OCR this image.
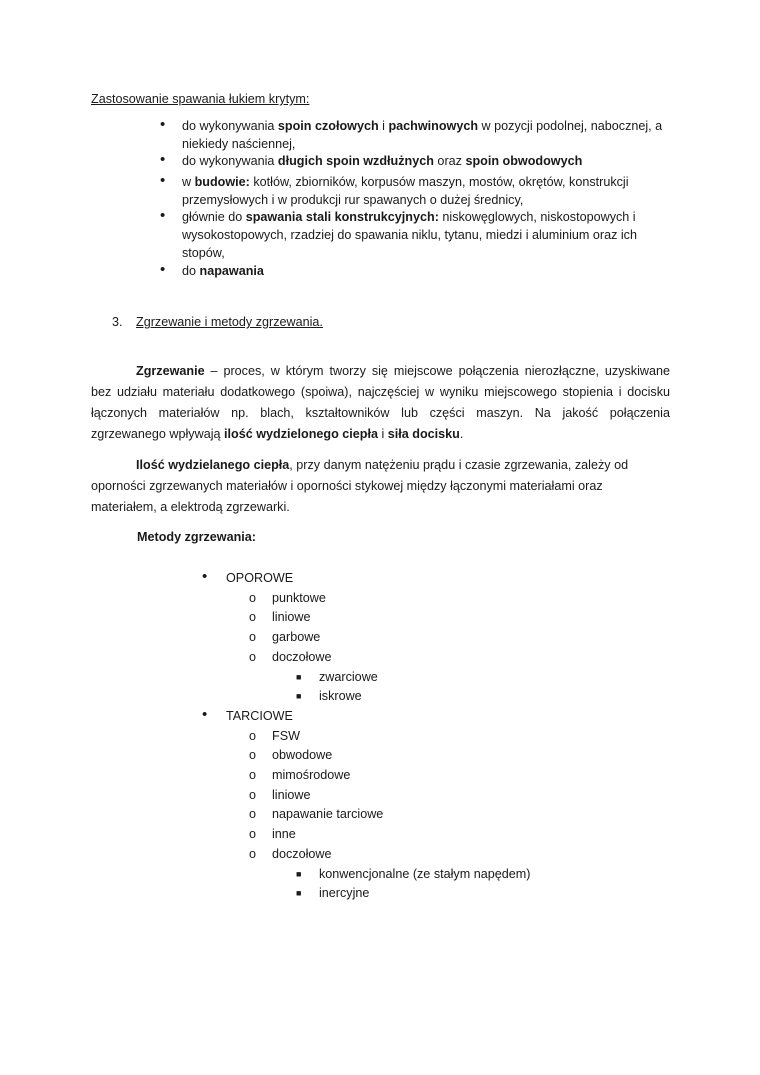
Zastosowanie spawania łukiem krytym:
• do wykonywania spoin czołowych i pachwinowych w pozycji podolnej, nabocznej, a
niekiedy naściennej,
• do wykonywania długich spoin wzdłużnych oraz spoin obwodowych
• w budowie: kotłów, zbiorników, korpusów maszyn, mostów, okrętów, konstrukcji
przemysłowych i w produkcji rur spawanych o dużej średnicy,
• głównie do spawania stali konstrukcyjnych: niskowęglowych, niskostopowych i
wysokostopowych, rzadziej do spawania niklu, tytanu, miedzi i aluminium oraz ich
stopów,
• do napawania
3. Zgrzewanie i metody zgrzewania.
Zgrzewanie – proces, w którym tworzy się miejscowe połączenia nierozłączne, uzyskiwane
bez udziału materiału dodatkowego (spoiwa), najczęściej w wyniku miejscowego stopienia i docisku
łączonych materiałów np. blach, kształtowników lub części maszyn. Na jakość połączenia
zgrzewanego wpływają ilość wydzielonego ciepła i siła docisku.
Ilość wydzielanego ciepła, przy danym natężeniu prądu i czasie zgrzewania, zależy od
oporności zgrzewanych materiałów i oporności stykowej między łączonymi materiałami oraz
materiałem, a elektrodą zgrzewarki.
Metody zgrzewania:
• OPOROWE
o punktowe
o liniowe
o garbowe
o doczołowe
■ zwarciowe
■ iskrowe
• TARCIOWE
o FSW
o obwodowe
o mimośrodowe
o liniowe
o napawanie tarciowe
o inne
o doczołowe
■ konwencjonalne (ze stałym napędem)
■ inercyjne
